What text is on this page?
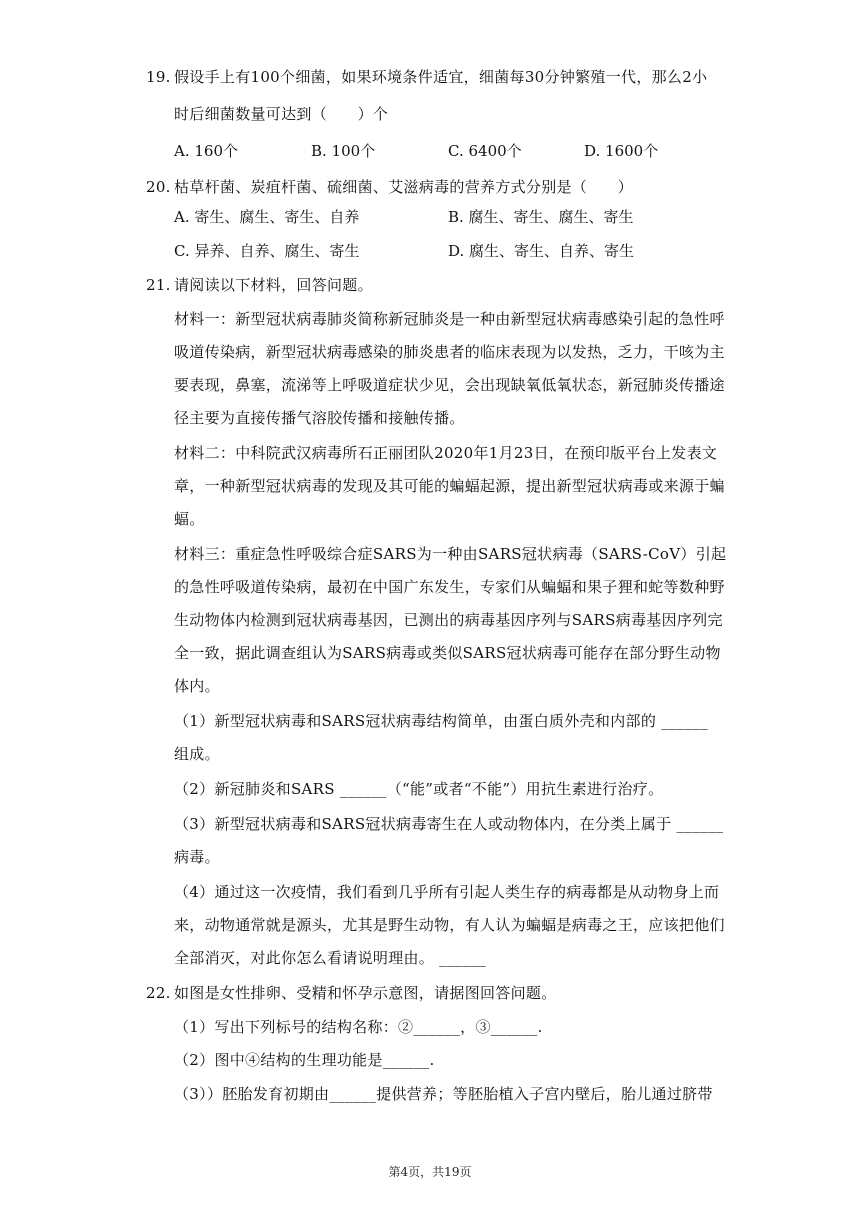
19. 假设手上有100个细菌，如果环境条件适宜，细菌每30分钟繁殖一代，那么2小
时后细菌数量可达到（　　）个
A. 160个	B. 100个	C. 6400个	D. 1600个
20. 枯草杆菌、炭疽杆菌、硫细菌、艾滋病毒的营养方式分别是（　　）
A. 寄生、腐生、寄生、自养	B. 腐生、寄生、腐生、寄生
C. 异养、自养、腐生、寄生	D. 腐生、寄生、自养、寄生
21. 请阅读以下材料，回答问题。
材料一：新型冠状病毒肺炎简称新冠肺炎是一种由新型冠状病毒感染引起的急性呼
吸道传染病，新型冠状病毒感染的肺炎患者的临床表现为以发热，乏力，干咳为主
要表现，鼻塞，流涕等上呼吸道症状少见，会出现缺氧低氧状态，新冠肺炎传播途
径主要为直接传播气溶胶传播和接触传播。
材料二：中科院武汉病毒所石正丽团队2020年1月23日，在预印版平台上发表文
章，一种新型冠状病毒的发现及其可能的蝙蝠起源，提出新型冠状病毒或来源于蝙
蝠。
材料三：重症急性呼吸综合症SARS为一种由SARS冠状病毒（SARS-CoV）引起
的急性呼吸道传染病，最初在中国广东发生，专家们从蝙蝠和果子狸和蛇等数种野
生动物体内检测到冠状病毒基因，已测出的病毒基因序列与SARS病毒基因序列完
全一致，据此调查组认为SARS病毒或类似SARS冠状病毒可能存在部分野生动物
体内。
（1）新型冠状病毒和SARS冠状病毒结构简单，由蛋白质外壳和内部的 ______
组成。
（2）新冠肺炎和SARS ______（“能”或者“不能”）用抗生素进行治疗。
（3）新型冠状病毒和SARS冠状病毒寄生在人或动物体内，在分类上属于 ______
病毒。
（4）通过这一次疫情，我们看到几乎所有引起人类生存的病毒都是从动物身上而
来，动物通常就是源头，尤其是野生动物，有人认为蝙蝠是病毒之王，应该把他们
全部消灭，对此你怎么看请说明理由。 ______
22. 如图是女性排卵、受精和怀孕示意图，请据图回答问题。
（1）写出下列标号的结构名称：②______，③______.
（2）图中④结构的生理功能是______.
（3））胚胎发育初期由______提供营养；等胚胎植入子宫内壁后，胎儿通过脐带
第4页，共19页
